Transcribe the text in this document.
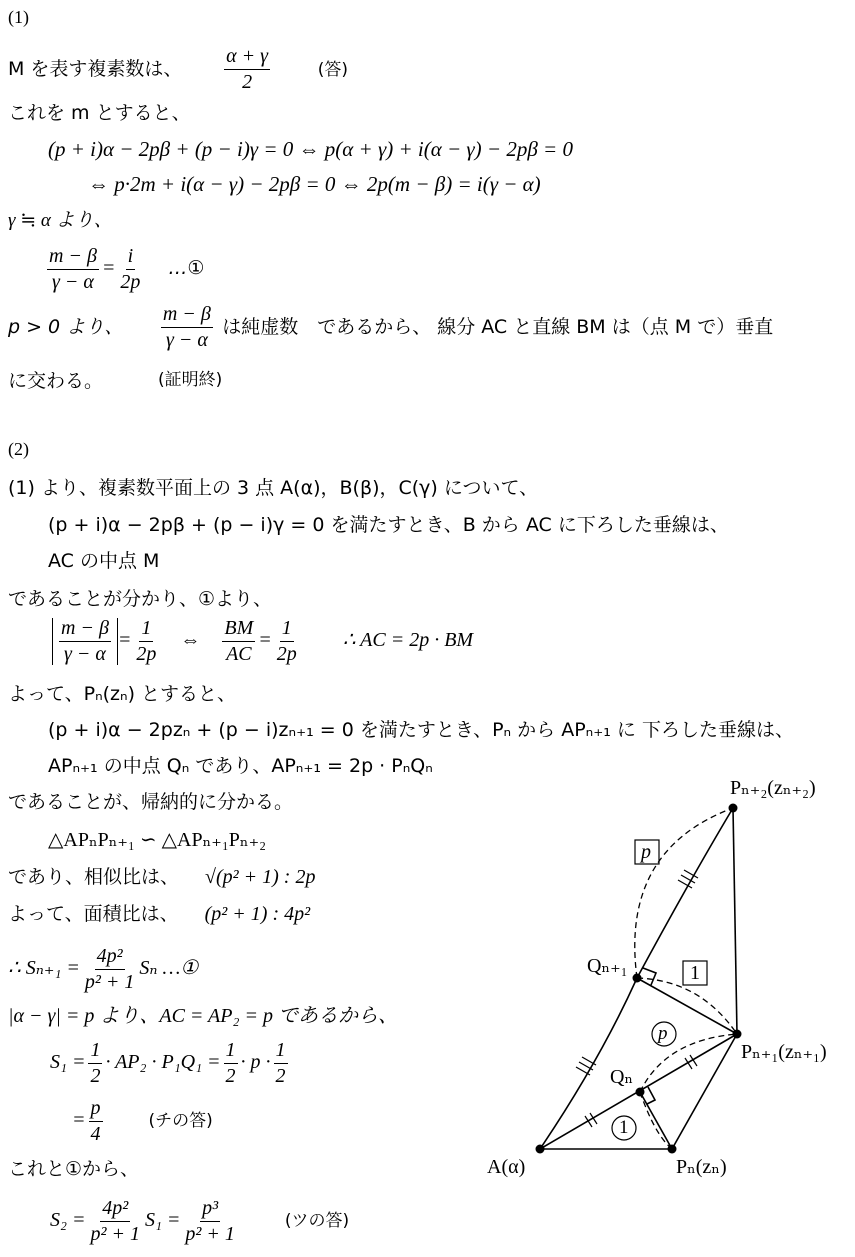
(1)
M を表す複素数は、 $\frac{\alpha + \gamma}{2}$	(答)
これを m とすると、
(p + i)α − 2pβ + (p − i)γ = 0 ⇔ p(α + γ) + i(α − γ) − 2pβ = 0
⇔ p·2m + i(α − γ) − 2pβ = 0 ⇔ 2p(m − β) = i(γ − α)
γ ≒ α より、
$\frac{m - \beta}{\gamma - \alpha} = \frac{i}{2p}$ …①
p > 0 より、 $\frac{m - \beta}{\gamma - \alpha}$ は純虚数　であるから、 線分 AC と直線 BM は（点 M で）垂直
に交わる。	(証明終)
(2)
(1) より、複素数平面上の 3 点 A(α)，B(β)，C(γ) について、
(p + i)α − 2pβ + (p − i)γ = 0 を満たすとき、B から AC に下ろした垂線は、
AC の中点 M
であることが分かり、①より、
$\frac{m - \beta}{\gamma - \alpha} = \frac{1}{2p}$ ⇔ $\frac{BM}{AC} = \frac{1}{2p}$ ∴ AC = 2p · BM
よって、Pₙ(zₙ) とすると、
(p + i)α − 2pzₙ + (p − i)zₙ₊₁ = 0 を満たすとき、Pₙ から APₙ₊₁ に 下ろした垂線は、
APₙ₊₁ の中点 Qₙ であり、APₙ₊₁ = 2p · PₙQₙ
であることが、帰納的に分かる。
△APₙPₙ₊₁ ∽ △APₙ₊₁Pₙ₊₂
であり、相似比は、 √(p² + 1) : 2p
よって、面積比は、 (p² + 1) : 4p²
∴ $S_{n+1} = \frac{\text{4p²}}{\text{p² + 1}}$ Sₙ …①
|α − γ| = p より、AC = AP₂ = p であるから、
$S_1 = \frac{1}{2} \cdot AP_2 \cdot P_1Q_1 = \frac{1}{2} \cdot p \cdot \frac{1}{2}$
= $\frac{p}{4}$	(チの答)
これと①から、
$S_2 = \frac{\text{4p²}}{\text{p² + 1}} S_1 = \frac{\text{p³}}{\text{p² + 1}}$	(ツの答)
Pₙ₊₂(zₙ₊₂)
Qₙ₊₁
Pₙ₊₁(zₙ₊₁)
Qₙ
A(α)	Pₙ(zₙ)
p
1
p
1
